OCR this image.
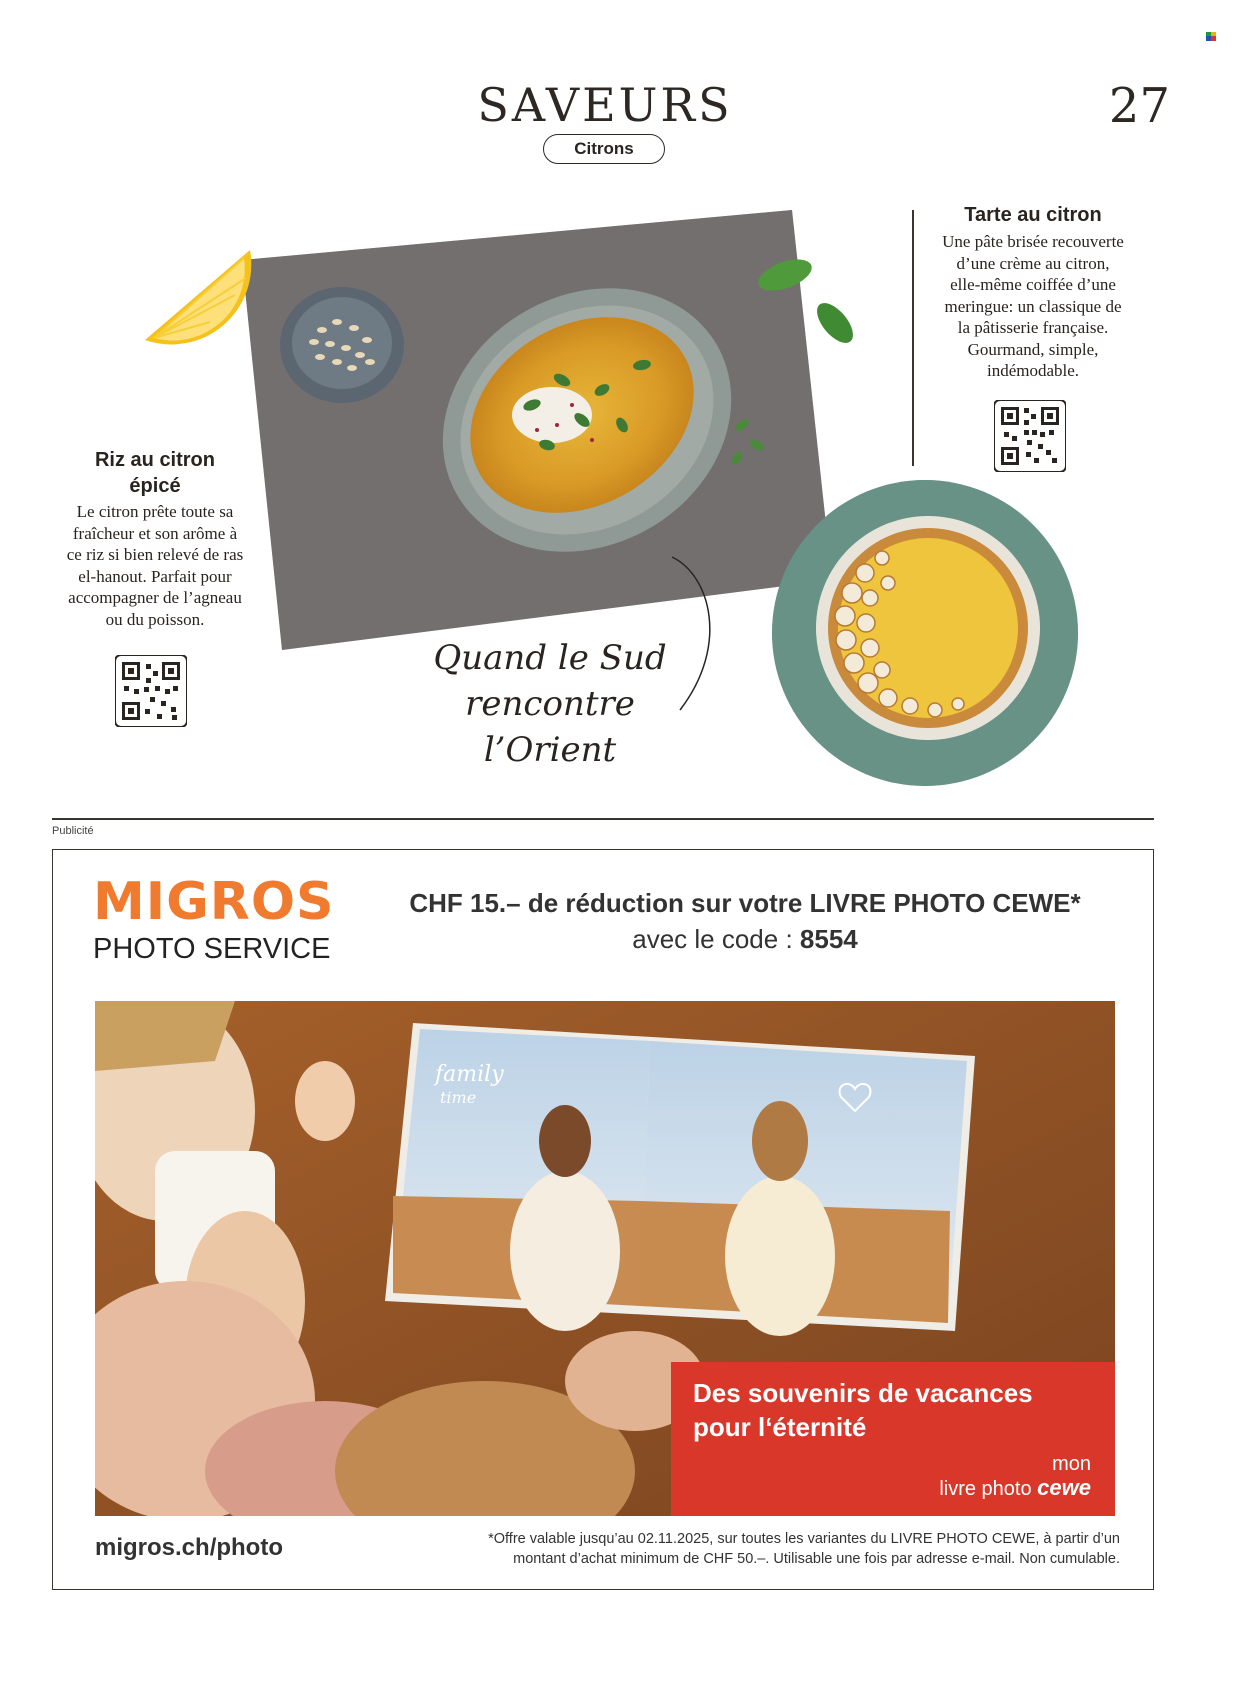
SAVEURS
Citrons
27
Tarte au citron
Une pâte brisée recouverte
d’une crème au citron,
elle-même coiffée d’une
meringue: un classique de
la pâtisserie française.
Gourmand, simple,
indémodable.
Riz au citron
épicé
Le citron prête toute sa
fraîcheur et son arôme à
ce riz si bien relevé de ras
el-hanout. Parfait pour
accompagner de l’agneau
ou du poisson.
Quand le Sud
rencontre
l’Orient
Publicité
MIGROS
PHOTO SERVICE
CHF 15.– de réduction sur votre LIVRE PHOTO CEWE*
avec le code : 8554
family
time
Des souvenirs de vacances
pour l‘éternité
mon
livre photo cewe
migros.ch/photo	*Offre valable jusqu’au 02.11.2025, sur toutes les variantes du LIVRE PHOTO CEWE, à partir d’un
montant d’achat minimum de CHF 50.–. Utilisable une fois par adresse e-mail. Non cumulable.
